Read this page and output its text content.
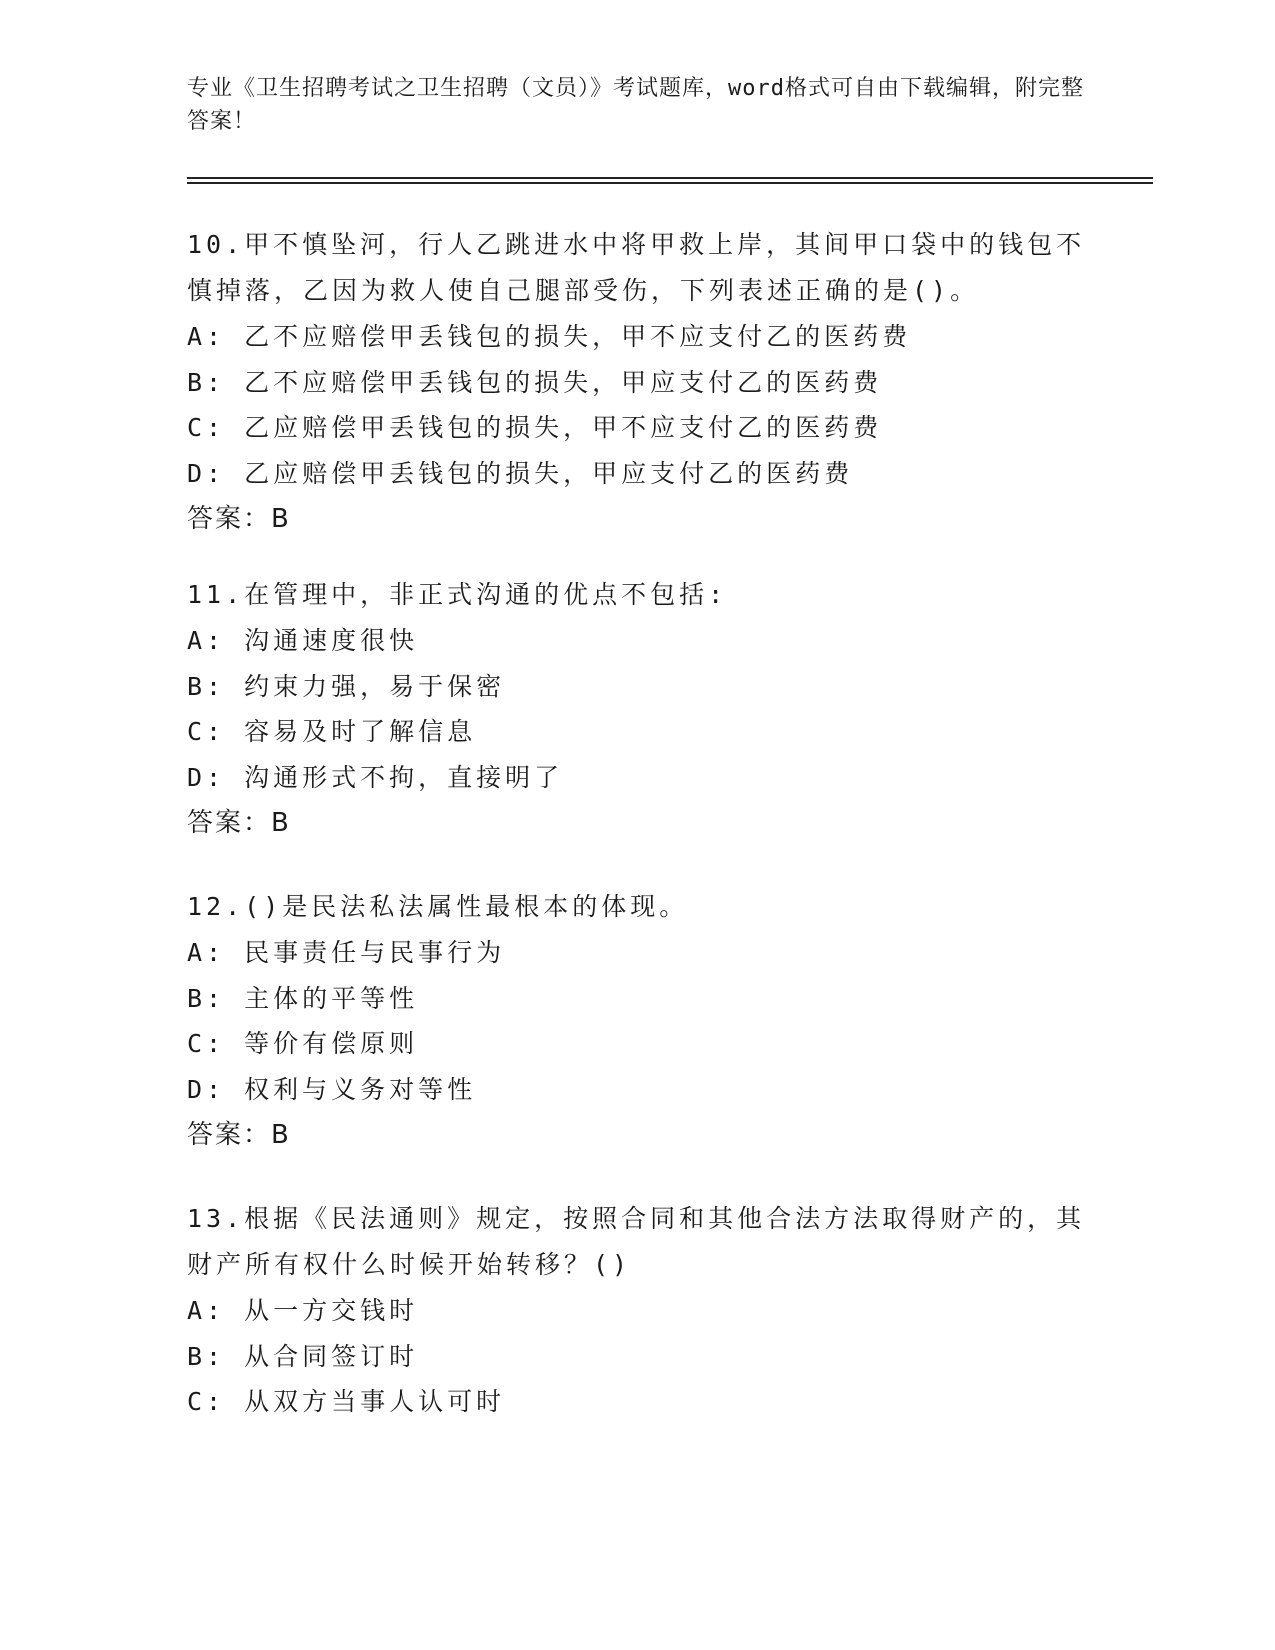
专业《卫生招聘考试之卫生招聘（文员）》考试题库，word格式可自由下载编辑，附完整答案！

10.甲不慎坠河，行人乙跳进水中将甲救上岸，其间甲口袋中的钱包不慎掉落，乙因为救人使自己腿部受伤，下列表述正确的是()。

A: 乙不应赔偿甲丢钱包的损失，甲不应支付乙的医药费

B: 乙不应赔偿甲丢钱包的损失，甲应支付乙的医药费

C: 乙应赔偿甲丢钱包的损失，甲不应支付乙的医药费

D: 乙应赔偿甲丢钱包的损失，甲应支付乙的医药费

答案：B

11.在管理中，非正式沟通的优点不包括:

A: 沟通速度很快

B: 约束力强，易于保密

C: 容易及时了解信息

D: 沟通形式不拘，直接明了

答案：B

12.()是民法私法属性最根本的体现。

A: 民事责任与民事行为

B: 主体的平等性

C: 等价有偿原则

D: 权利与义务对等性

答案：B

13.根据《民法通则》规定，按照合同和其他合法方法取得财产的，其财产所有权什么时候开始转移？()

A: 从一方交钱时

B: 从合同签订时

C: 从双方当事人认可时
